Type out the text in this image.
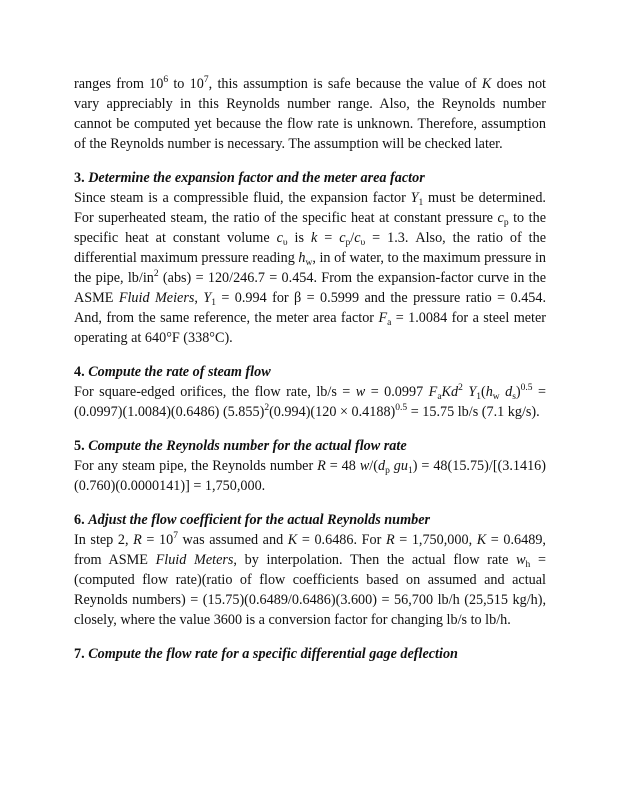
ranges from $10^6$ to $10^7$, this assumption is safe because the value of K does not vary appreciably in this Reynolds number range. Also, the Reynolds number cannot be computed yet because the flow rate is unknown. Therefore, assumption of the Reynolds number is necessary. The assumption will be checked later.

3. Determine the expansion factor and the meter area factor

Since steam is a compressible fluid, the expansion factor $Y_1$ must be determined. For superheated steam, the ratio of the specific heat at constant pressure $c_p$ to the specific heat at constant volume $c_\upsilon$ is $k = c_p/c_\upsilon = 1.3$. Also, the ratio of the differential maximum pressure reading $h_w$, in of water, to the maximum pressure in the pipe, $lb/in^2$ (abs) = 120/246.7 = 0.454. From the expansion-factor curve in the ASME Fluid Meiers, $Y_1 = 0.994$ for β = 0.5999 and the pressure ratio = 0.454. And, from the same reference, the meter area factor $F_a = 1.0084$ for a steel meter operating at 640°F (338°C).

4. Compute the rate of steam flow

For square-edged orifices, the flow rate, lb/s = w = 0.0997 $F_aKd^2$ $Y_1(h_w$ $d_s)^{0.5} = (0.0997)(1.0084)(0.6486)$ $(5.855)^2(0.994)(120 \times 0.4188)^{0.5} = 15.75$ lb/s (7.1 kg/s).

5. Compute the Reynolds number for the actual flow rate

For any steam pipe, the Reynolds number R = 48 $w/(d_p$ $gu_1) = 48(15.75)/[(3.1416)(0.760)(0.0000141)] = 1,750,000$.

6. Adjust the flow coefficient for the actual Reynolds number

In step 2, $R = 10^7$ was assumed and K = 0.6486. For R = 1,750,000, K = 0.6489, from ASME Fluid Meters, by interpolation. Then the actual flow rate $w_h$ = (computed flow rate)(ratio of flow coefficients based on assumed and actual Reynolds numbers) = (15.75)(0.6489/0.6486)(3.600) = 56,700 lb/h (25,515 kg/h), closely, where the value 3600 is a conversion factor for changing lb/s to lb/h.

7. Compute the flow rate for a specific differential gage deflection
